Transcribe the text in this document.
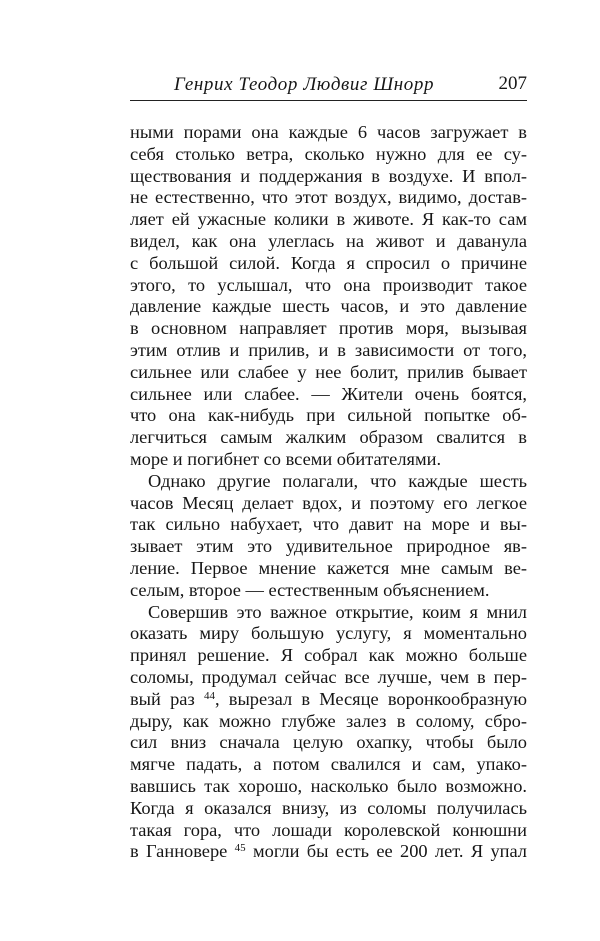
Генрих Теодор Людвиг Шнорр	207
ными порами она каждые 6 часов загружает в
себя столько ветра, сколько нужно для ее су-
ществования и поддержания в воздухе. И впол-
не естественно, что этот воздух, видимо, достав-
ляет ей ужасные колики в животе. Я как-то сам
видел, как она улеглась на живот и даванула
с большой силой. Когда я спросил о причине
этого, то услышал, что она производит такое
давление каждые шесть часов, и это давление
в основном направляет против моря, вызывая
этим отлив и прилив, и в зависимости от того,
сильнее или слабее у нее болит, прилив бывает
сильнее или слабее. — Жители очень боятся,
что она как-нибудь при сильной попытке об-
легчиться самым жалким образом свалится в
море и погибнет со всеми обитателями.
Однако другие полагали, что каждые шесть
часов Месяц делает вдох, и поэтому его легкое
так сильно набухает, что давит на море и вы-
зывает этим это удивительное природное яв-
ление. Первое мнение кажется мне самым ве-
селым, второе — естественным объяснением.
Совершив это важное открытие, коим я мнил
оказать миру большую услугу, я моментально
принял решение. Я собрал как можно больше
соломы, продумал сейчас все лучше, чем в пер-
вый раз $^{44}$, вырезал в Месяце воронкообразную
дыру, как можно глубже залез в солому, сбро-
сил вниз сначала целую охапку, чтобы было
мягче падать, а потом свалился и сам, упако-
вавшись так хорошо, насколько было возможно.
Когда я оказался внизу, из соломы получилась
такая гора, что лошади королевской конюшни
в Ганновере $^{45}$ могли бы есть ее 200 лет. Я упал
